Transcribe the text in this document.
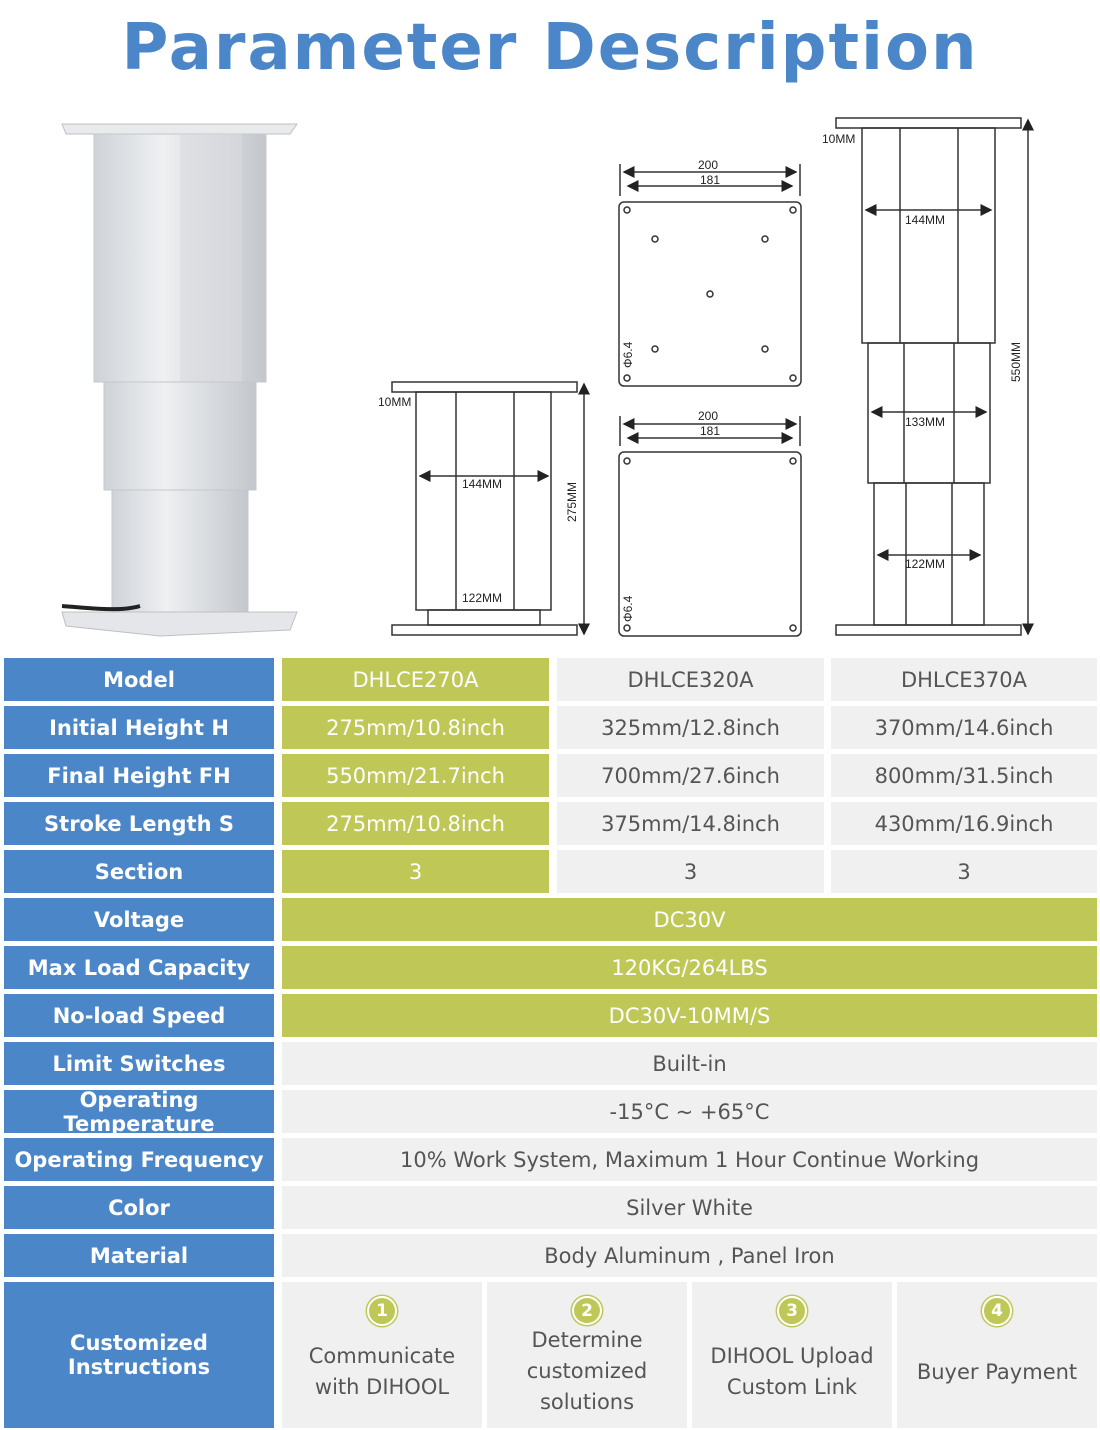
Parameter Description
10MM
144MM
122MM
275MM
200
181
Φ6.4
200
181
Φ6.4
10MM
144MM
133MM
122MM
550MM
Model	DHLCE270A	DHLCE320A	DHLCE370A
Initial Height H	275mm/10.8inch	325mm/12.8inch	370mm/14.6inch
Final Height FH	550mm/21.7inch	700mm/27.6inch	800mm/31.5inch
Stroke Length S	275mm/10.8inch	375mm/14.8inch	430mm/16.9inch
Section	3	3	3
Voltage	DC30V
Max Load Capacity	120KG/264LBS
No-load Speed	DC30V-10MM/S
Limit Switches	Built-in
Operating Temperature	-15°C ~ +65°C
Operating Frequency	10% Work System, Maximum 1 Hour Continue Working
Color	Silver White
Material	Body Aluminum , Panel Iron
Customized Instructions
1
Communicate with DIHOOL
2
Determine customized solutions
3
DIHOOL Upload Custom Link
4
Buyer Payment
